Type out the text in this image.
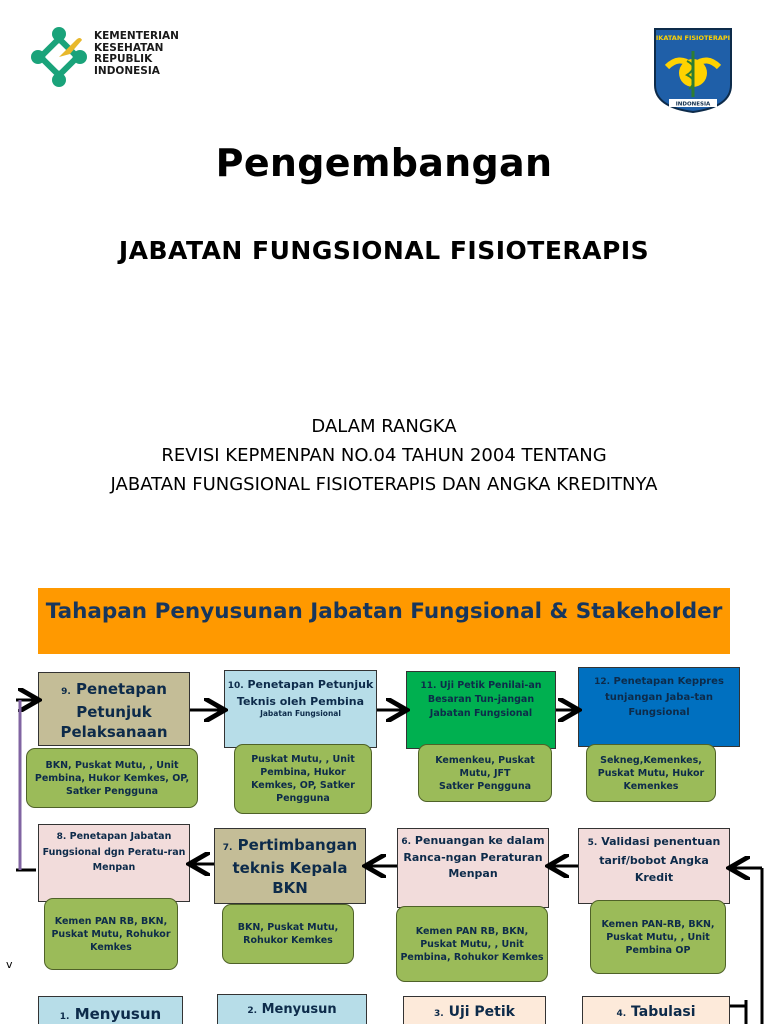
KEMENTERIAN
KESEHATAN
REPUBLIK
INDONESIA
IKATAN FISIOTERAPI
INDONESIA
Pengembangan
JABATAN FUNGSIONAL FISIOTERAPIS
DALAM RANGKA
REVISI KEPMENPAN NO.04 TAHUN 2004 TENTANG
JABATAN FUNGSIONAL FISIOTERAPIS DAN ANGKA KREDITNYA
Tahapan Penyusunan Jabatan Fungsional & Stakeholder
9. Penetapan Petunjuk Pelaksanaan
10. Penetapan Petunjuk Teknis oleh Pembina
Jabatan Fungsional
11. Uji Petik Penilai-an Besaran Tun-jangan Jabatan Fungsional
12. Penetapan Keppres tunjangan Jaba-tan Fungsional
BKN, Puskat Mutu, , Unit Pembina, Hukor Kemkes, OP, Satker Pengguna
Puskat Mutu, , Unit Pembina, Hukor Kemkes, OP, Satker Pengguna
Kemenkeu, Puskat Mutu, JFT
Satker Pengguna
Sekneg,Kemenkes, Puskat Mutu, Hukor Kemenkes
8. Penetapan Jabatan Fungsional dgn Peratu-ran Menpan
7. Pertimbangan teknis Kepala BKN
6. Penuangan ke dalam Ranca-ngan Peraturan Menpan
5. Validasi penentuan tarif/bobot Angka Kredit
Kemen PAN RB, BKN, Puskat Mutu, Rohukor Kemkes
BKN, Puskat Mutu, Rohukor Kemkes
Kemen PAN RB, BKN, Puskat Mutu, , Unit Pembina, Rohukor Kemkes
Kemen PAN-RB, BKN, Puskat Mutu, , Unit Pembina OP
1. Menyusun	2. Menyusun	3. Uji Petik	4. Tabulasi
v
